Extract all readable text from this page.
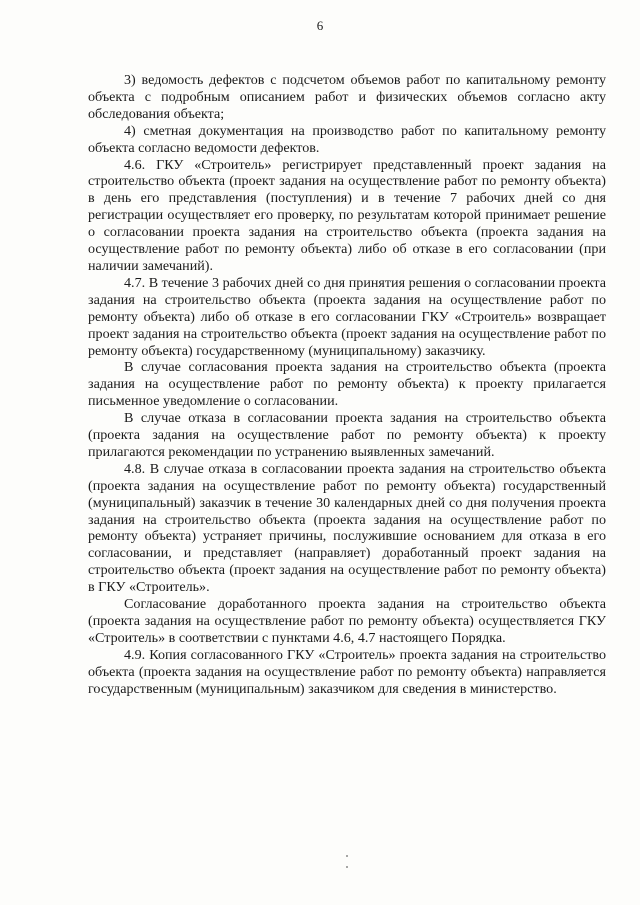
6

3) ведомость дефектов с подсчетом объемов работ по капитальному ремонту объекта с подробным описанием работ и физических объемов согласно акту обследования объекта;

4) сметная документация на производство работ по капитальному ремонту объекта согласно ведомости дефектов.

4.6. ГКУ «Строитель» регистрирует представленный проект задания на строительство объекта (проект задания на осуществление работ по ремонту объекта) в день его представления (поступления) и в течение 7 рабочих дней со дня регистрации осуществляет его проверку, по результатам которой принимает решение о согласовании проекта задания на строительство объекта (проекта задания на осуществление работ по ремонту объекта) либо об отказе в его согласовании (при наличии замечаний).

4.7. В течение 3 рабочих дней со дня принятия решения о согласовании проекта задания на строительство объекта (проекта задания на осуществление работ по ремонту объекта) либо об отказе в его согласовании ГКУ «Строитель» возвращает проект задания на строительство объекта (проект задания на осуществление работ по ремонту объекта) государственному (муниципальному) заказчику.

В случае согласования проекта задания на строительство объекта (проекта задания на осуществление работ по ремонту объекта) к проекту прилагается письменное уведомление о согласовании.

В случае отказа в согласовании проекта задания на строительство объекта (проекта задания на осуществление работ по ремонту объекта) к проекту прилагаются рекомендации по устранению выявленных замечаний.

4.8. В случае отказа в согласовании проекта задания на строительство объекта (проекта задания на осуществление работ по ремонту объекта) государственный (муниципальный) заказчик в течение 30 календарных дней со дня получения проекта задания на строительство объекта (проекта задания на осуществление работ по ремонту объекта) устраняет причины, послужившие основанием для отказа в его согласовании, и представляет (направляет) доработанный проект задания на строительство объекта (проект задания на осуществление работ по ремонту объекта) в ГКУ «Строитель».

Согласование доработанного проекта задания на строительство объекта (проекта задания на осуществление работ по ремонту объекта) осуществляется ГКУ «Строитель» в соответствии с пунктами 4.6, 4.7 настоящего Порядка.

4.9. Копия согласованного ГКУ «Строитель» проекта задания на строительство объекта (проекта задания на осуществление работ по ремонту объекта) направляется государственным (муниципальным) заказчиком для сведения в министерство.
